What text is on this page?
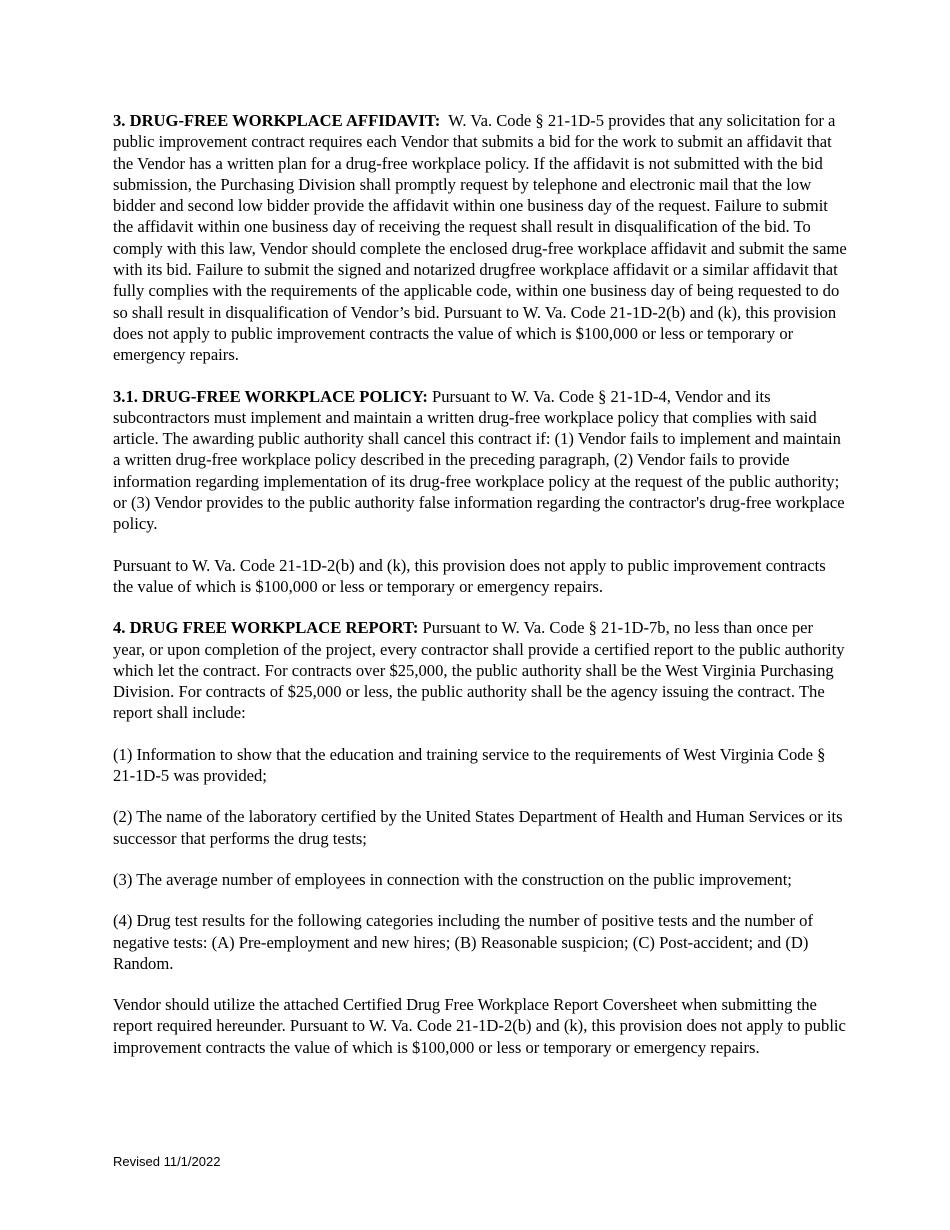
3. DRUG-FREE WORKPLACE AFFIDAVIT: W. Va. Code § 21-1D-5 provides that any solicitation for a public improvement contract requires each Vendor that submits a bid for the work to submit an affidavit that the Vendor has a written plan for a drug-free workplace policy. If the affidavit is not submitted with the bid submission, the Purchasing Division shall promptly request by telephone and electronic mail that the low bidder and second low bidder provide the affidavit within one business day of the request. Failure to submit the affidavit within one business day of receiving the request shall result in disqualification of the bid. To comply with this law, Vendor should complete the enclosed drug-free workplace affidavit and submit the same with its bid. Failure to submit the signed and notarized drugfree workplace affidavit or a similar affidavit that fully complies with the requirements of the applicable code, within one business day of being requested to do so shall result in disqualification of Vendor’s bid. Pursuant to W. Va. Code 21-1D-2(b) and (k), this provision does not apply to public improvement contracts the value of which is $100,000 or less or temporary or emergency repairs.

3.1. DRUG-FREE WORKPLACE POLICY: Pursuant to W. Va. Code § 21-1D-4, Vendor and its subcontractors must implement and maintain a written drug-free workplace policy that complies with said article. The awarding public authority shall cancel this contract if: (1) Vendor fails to implement and maintain a written drug-free workplace policy described in the preceding paragraph, (2) Vendor fails to provide information regarding implementation of its drug-free workplace policy at the request of the public authority; or (3) Vendor provides to the public authority false information regarding the contractor's drug-free workplace policy.

Pursuant to W. Va. Code 21-1D-2(b) and (k), this provision does not apply to public improvement contracts the value of which is $100,000 or less or temporary or emergency repairs.

4. DRUG FREE WORKPLACE REPORT: Pursuant to W. Va. Code § 21-1D-7b, no less than once per year, or upon completion of the project, every contractor shall provide a certified report to the public authority which let the contract. For contracts over $25,000, the public authority shall be the West Virginia Purchasing Division. For contracts of $25,000 or less, the public authority shall be the agency issuing the contract. The report shall include:

(1) Information to show that the education and training service to the requirements of West Virginia Code § 21-1D-5 was provided;

(2) The name of the laboratory certified by the United States Department of Health and Human Services or its successor that performs the drug tests;

(3) The average number of employees in connection with the construction on the public improvement;

(4) Drug test results for the following categories including the number of positive tests and the number of negative tests: (A) Pre-employment and new hires; (B) Reasonable suspicion; (C) Post-accident; and (D) Random.

Vendor should utilize the attached Certified Drug Free Workplace Report Coversheet when submitting the report required hereunder. Pursuant to W. Va. Code 21-1D-2(b) and (k), this provision does not apply to public improvement contracts the value of which is $100,000 or less or temporary or emergency repairs.

Revised 11/1/2022
